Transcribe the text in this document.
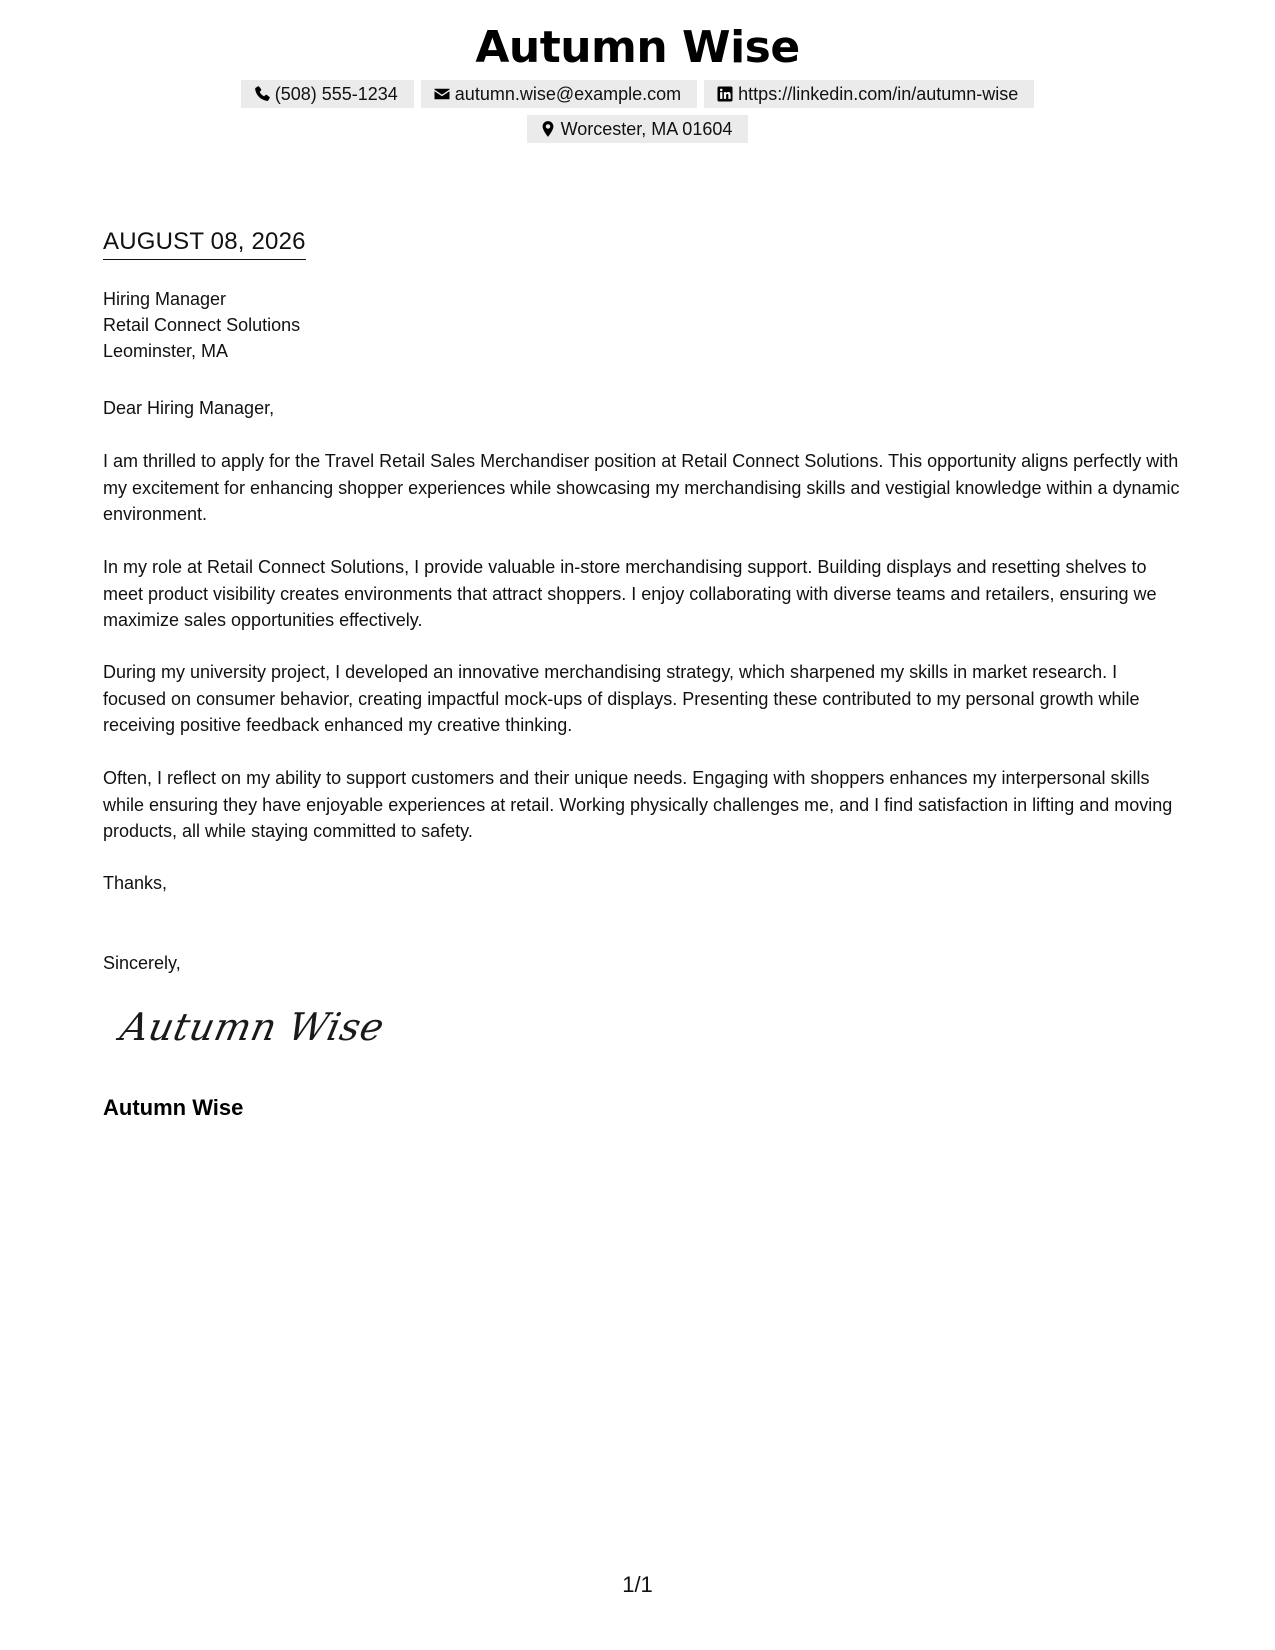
Autumn Wise
(508) 555-1234	autumn.wise@example.com	https://linkedin.com/in/autumn-wise
Worcester, MA 01604
AUGUST 08, 2026
Hiring Manager
Retail Connect Solutions
Leominster, MA
Dear Hiring Manager,
I am thrilled to apply for the Travel Retail Sales Merchandiser position at Retail Connect Solutions. This opportunity aligns perfectly with my excitement for enhancing shopper experiences while showcasing my merchandising skills and vestigial knowledge within a dynamic environment.
In my role at Retail Connect Solutions, I provide valuable in-store merchandising support. Building displays and resetting shelves to meet product visibility creates environments that attract shoppers. I enjoy collaborating with diverse teams and retailers, ensuring we maximize sales opportunities effectively.
During my university project, I developed an innovative merchandising strategy, which sharpened my skills in market research. I focused on consumer behavior, creating impactful mock-ups of displays. Presenting these contributed to my personal growth while receiving positive feedback enhanced my creative thinking.
Often, I reflect on my ability to support customers and their unique needs. Engaging with shoppers enhances my interpersonal skills while ensuring they have enjoyable experiences at retail. Working physically challenges me, and I find satisfaction in lifting and moving products, all while staying committed to safety.
Thanks,
Sincerely,
Autumn Wise
Autumn Wise
1/1
